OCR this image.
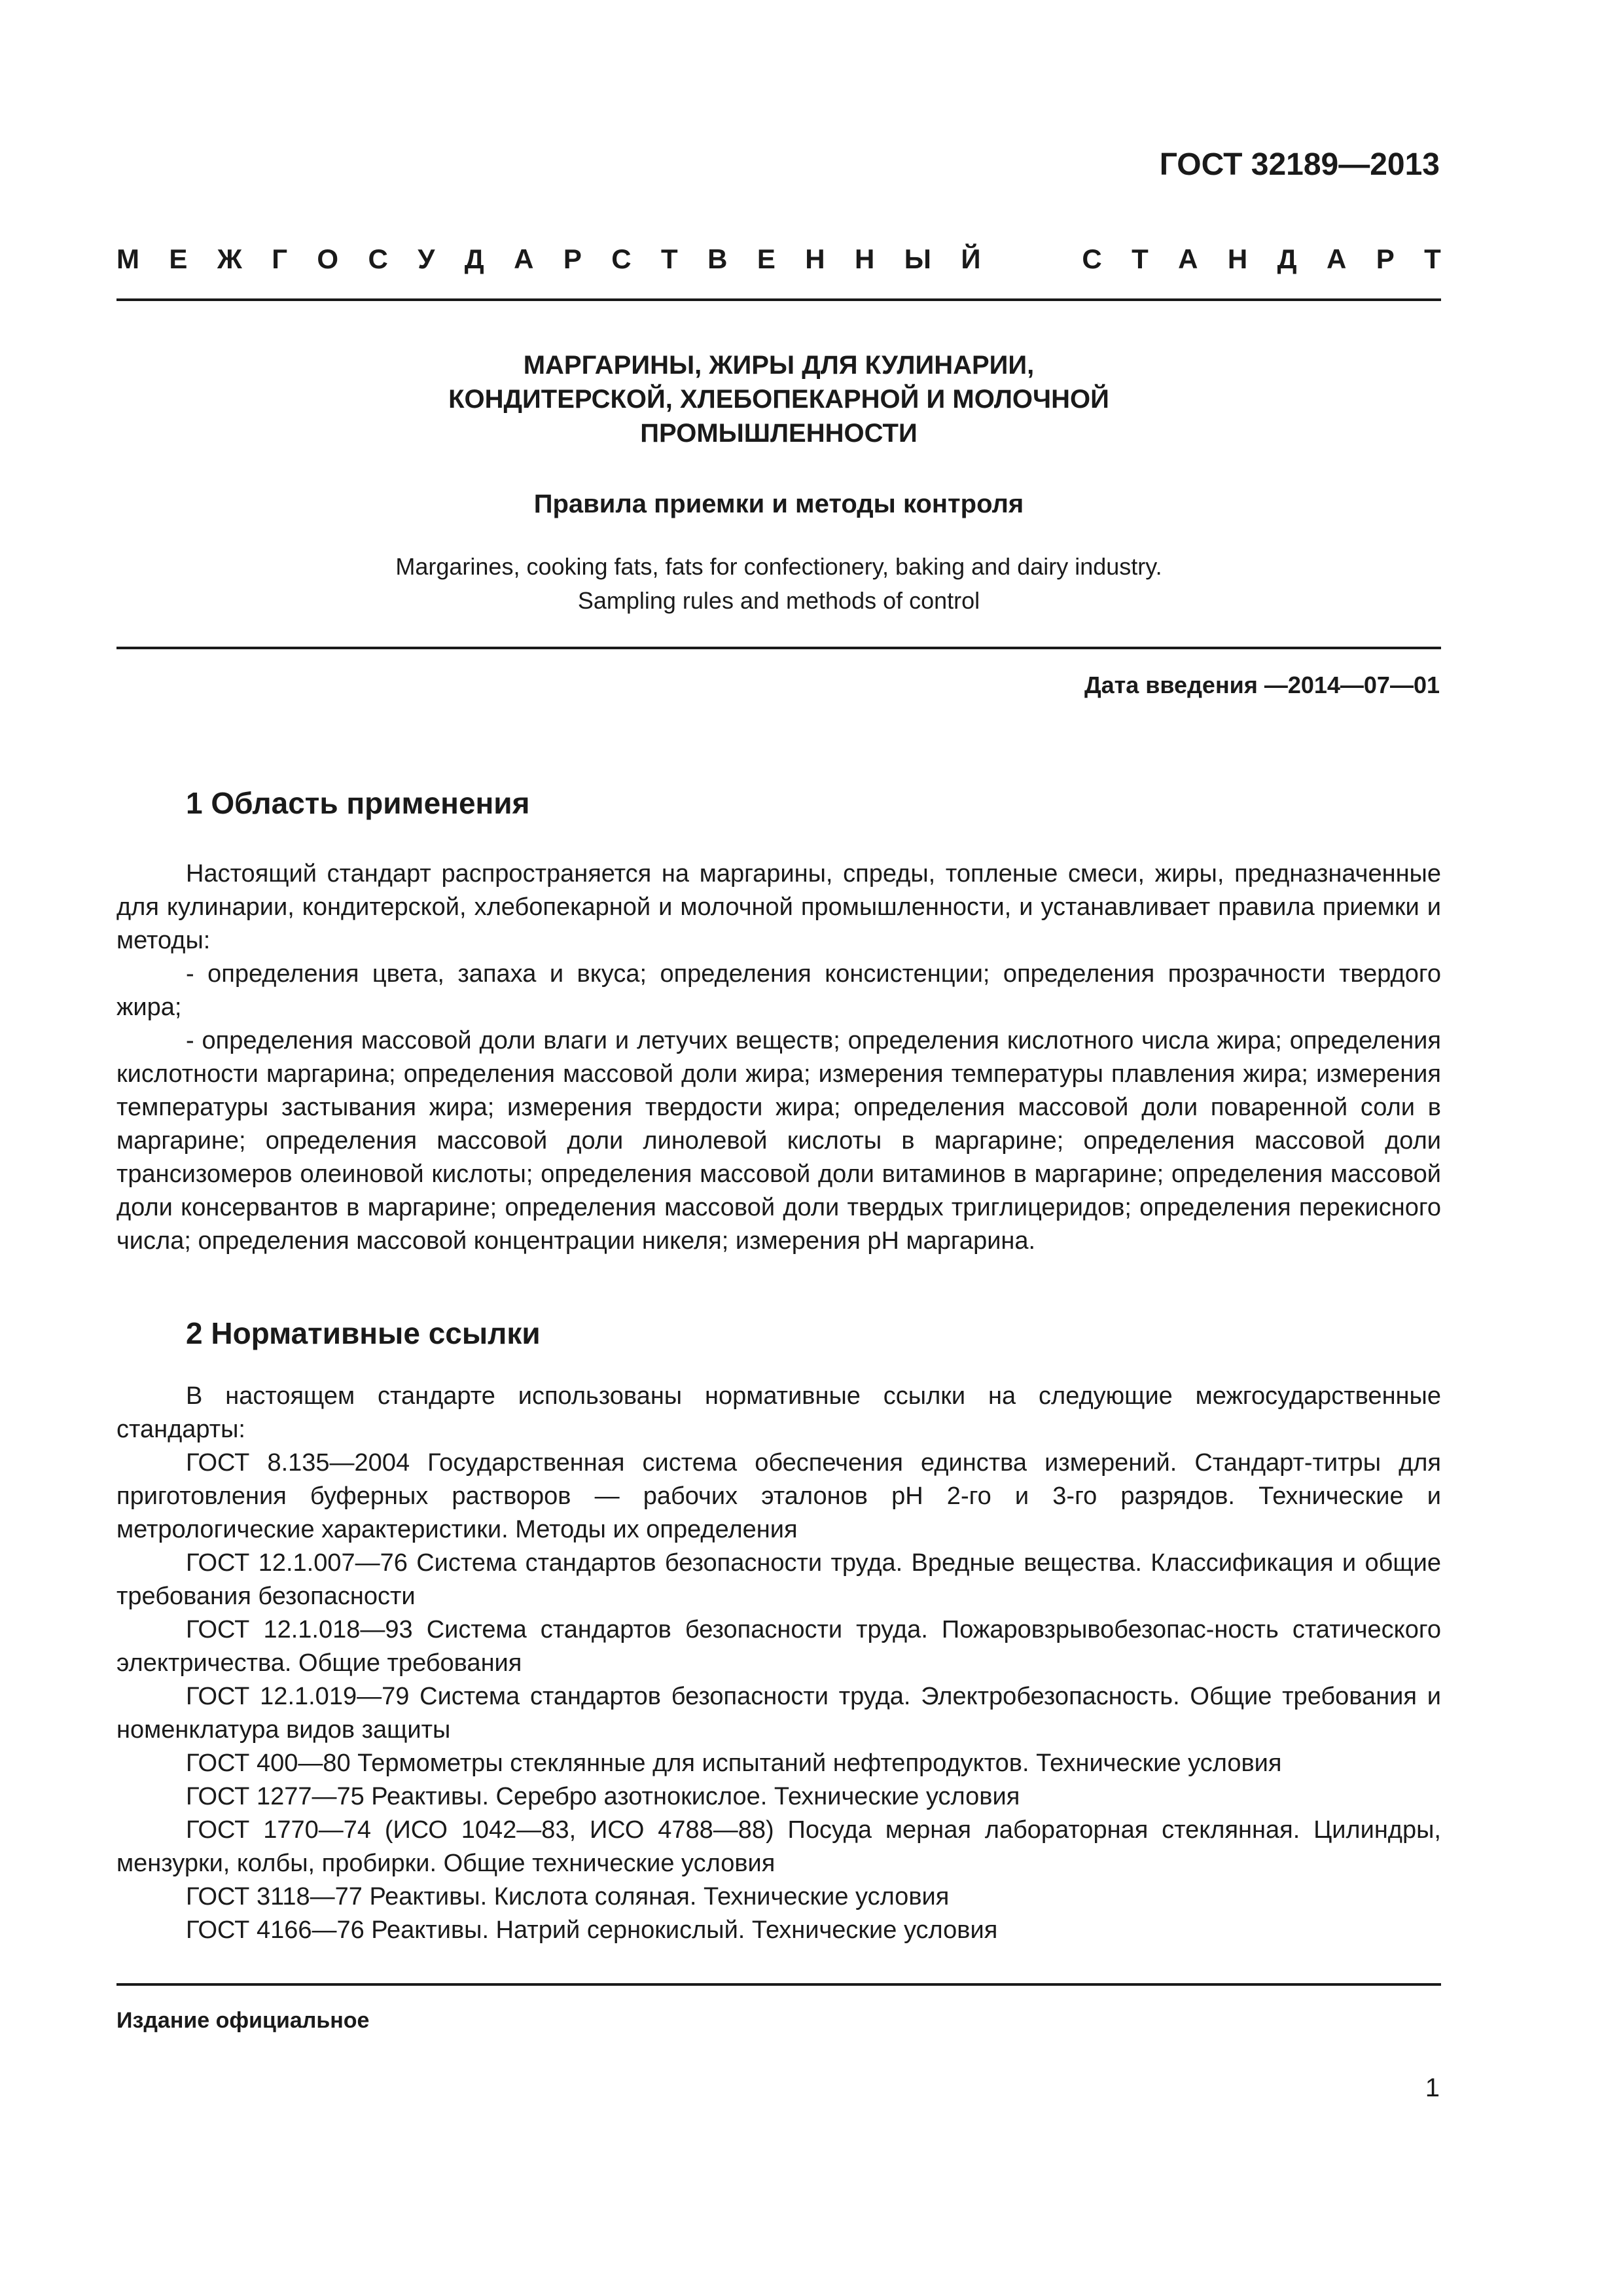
ГОСТ 32189—2013
М Е Ж Г О С У Д А Р С Т В Е Н Н Ы Й	С Т А Н Д А Р Т
МАРГАРИНЫ, ЖИРЫ ДЛЯ КУЛИНАРИИ,
КОНДИТЕРСКОЙ, ХЛЕБОПЕКАРНОЙ И МОЛОЧНОЙ
ПРОМЫШЛЕННОСТИ
Правила приемки и методы контроля
Margarines, cooking fats, fats for confectionery, baking and dairy industry.
Sampling rules and methods of control
Дата введения —2014—07—01
1 Область применения

Настоящий стандарт распространяется на маргарины, спреды, топленые смеси, жиры, предназначенные для кулинарии, кондитерской, хлебопекарной и молочной промышленности, и устанавливает правила приемки и методы:

- определения цвета, запаха и вкуса; определения консистенции; определения прозрачности твердого жира;

- определения массовой доли влаги и летучих веществ; определения кислотного числа жира; определения кислотности маргарина; определения массовой доли жира; измерения температуры плавления жира; измерения температуры застывания жира; измерения твердости жира; определения массовой доли поваренной соли в маргарине; определения массовой доли линолевой кислоты в маргарине; определения массовой доли трансизомеров олеиновой кислоты; определения массовой доли витаминов в маргарине; определения массовой доли консервантов в маргарине; определения массовой доли твердых триглицеридов; определения перекисного числа; определения массовой концентрации никеля; измерения pH маргарина.

2 Нормативные ссылки

В настоящем стандарте использованы нормативные ссылки на следующие межгосударственные стандарты:

ГОСТ 8.135—2004 Государственная система обеспечения единства измерений. Стандарт-титры для приготовления буферных растворов — рабочих эталонов pH 2-го и 3-го разрядов. Технические и метрологические характеристики. Методы их определения

ГОСТ 12.1.007—76 Система стандартов безопасности труда. Вредные вещества. Классификация и общие требования безопасности

ГОСТ 12.1.018—93 Система стандартов безопасности труда. Пожаровзрывобезопас-ность статического электричества. Общие требования

ГОСТ 12.1.019—79 Система стандартов безопасности труда. Электробезопасность. Общие требования и номенклатура видов защиты

ГОСТ 400—80 Термометры стеклянные для испытаний нефтепродуктов. Технические условия

ГОСТ 1277—75 Реактивы. Серебро азотнокислое. Технические условия

ГОСТ 1770—74 (ИСО 1042—83, ИСО 4788—88) Посуда мерная лабораторная стеклянная. Цилиндры, мензурки, колбы, пробирки. Общие технические условия

ГОСТ 3118—77 Реактивы. Кислота соляная. Технические условия

ГОСТ 4166—76 Реактивы. Натрий сернокислый. Технические условия

Издание официальное
1
